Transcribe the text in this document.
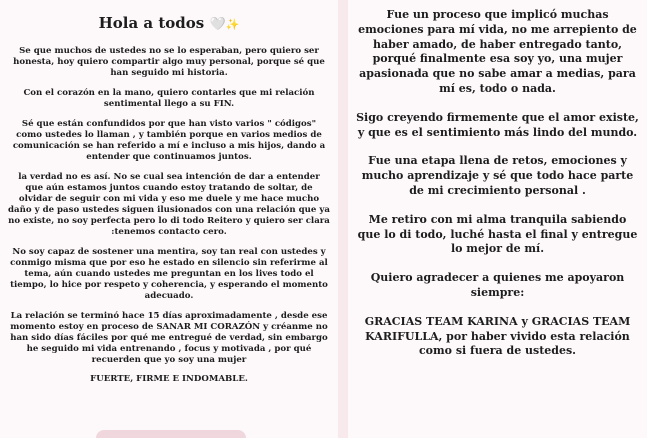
Hola a todos 🤍✨

Se que muchos de ustedes no se lo esperaban, pero quiero ser honesta, hoy quiero compartir algo muy personal, porque sé que han seguido mi historia.

Con el corazón en la mano, quiero contarles que mi relación sentimental llego a su FIN.

Sé que están confundidos por que han visto varios " códigos" como ustedes lo llaman , y también porque en varios medios de comunicación se han referido a mí e incluso a mis hijos, dando a entender que continuamos juntos.

la verdad no es así. No se cual sea intención de dar a entender que aún estamos juntos cuando estoy tratando de soltar, de olvidar de seguir con mi vida y eso me duele y me hace mucho daño y de paso ustedes siguen ilusionados con una relación que ya no existe, no soy perfecta pero lo di todo Reitero y quiero ser clara :tenemos contacto cero.

No soy capaz de sostener una mentira, soy tan real con ustedes y conmigo misma que por eso he estado en silencio sin referirme al tema, aún cuando ustedes me preguntan en los lives todo el tiempo, lo hice por respeto y coherencia, y esperando el momento adecuado.

La relación se terminó hace 15 días aproximadamente , desde ese momento estoy en proceso de SANAR MI CORAZÓN y créanme no han sido días fáciles por qué me entregué de verdad, sin embargo he seguido mi vida entrenando , focus y motivada , por qué recuerden que yo soy una mujer

FUERTE, FIRME E INDOMABLE.

Fue un proceso que implicó muchas emociones para mí vida, no me arrepiento de haber amado, de haber entregado tanto, porqué finalmente esa soy yo, una mujer apasionada que no sabe amar a medias, para mí es, todo o nada.

Sigo creyendo firmemente que el amor existe, y que es el sentimiento más lindo del mundo.

Fue una etapa llena de retos, emociones y mucho aprendizaje y sé que todo hace parte de mi crecimiento personal .

Me retiro con mi alma tranquila sabiendo que lo di todo, luché hasta el final y entregue lo mejor de mí.

Quiero agradecer a quienes me apoyaron siempre:

GRACIAS TEAM KARINA y GRACIAS TEAM KARIFULLA, por haber vivido esta relación como si fuera de ustedes.
